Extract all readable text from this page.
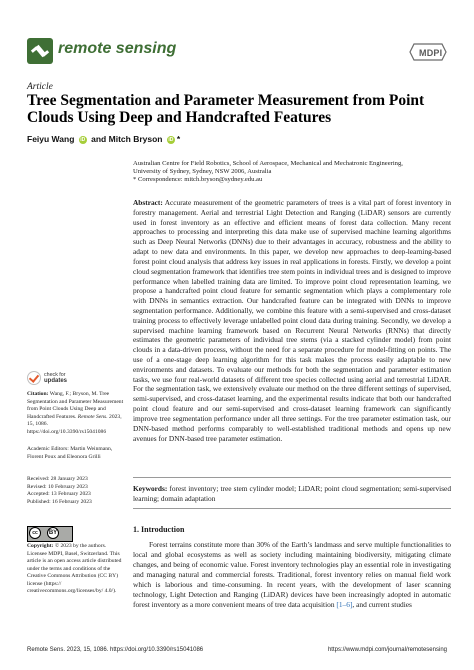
remote sensing	MDPI
Article
Tree Segmentation and Parameter Measurement from Point Clouds Using Deep and Handcrafted Features
Feiyu Wang iD and Mitch Bryson iD *
Australian Centre for Field Robotics, School of Aerospace, Mechanical and Mechatronic Engineering,
University of Sydney, Sydney, NSW 2006, Australia
* Correspondence: mitch.bryson@sydney.edu.au
Abstract: Accurate measurement of the geometric parameters of trees is a vital part of forest inventory in forestry management. Aerial and terrestrial Light Detection and Ranging (LiDAR) sensors are currently used in forest inventory as an effective and efficient means of forest data collection. Many recent approaches to processing and interpreting this data make use of supervised machine learning algorithms such as Deep Neural Networks (DNNs) due to their advantages in accuracy, robustness and the ability to adapt to new data and environments. In this paper, we develop new approaches to deep-learning-based forest point cloud analysis that address key issues in real applications in forests. Firstly, we develop a point cloud segmentation framework that identifies tree stem points in individual trees and is designed to improve performance when labelled training data are limited. To improve point cloud representation learning, we propose a handcrafted point cloud feature for semantic segmentation which plays a complementary role with DNNs in semantics extraction. Our handcrafted feature can be integrated with DNNs to improve segmentation performance. Additionally, we combine this feature with a semi-supervised and cross-dataset training process to effectively leverage unlabelled point cloud data during training. Secondly, we develop a supervised machine learning framework based on Recurrent Neural Networks (RNNs) that directly estimates the geometric parameters of individual tree stems (via a stacked cylinder model) from point clouds in a data-driven process, without the need for a separate procedure for model-fitting on points. The use of a one-stage deep learning algorithm for this task makes the process easily adaptable to new environments and datasets. To evaluate our methods for both the segmentation and parameter estimation tasks, we use four real-world datasets of different tree species collected using aerial and terrestrial LiDAR. For the segmentation task, we extensively evaluate our method on the three different settings of supervised, semi-supervised, and cross-dataset learning, and the experimental results indicate that both our handcrafted point cloud feature and our semi-supervised and cross-dataset learning framework can significantly improve tree segmentation performance under all three settings. For the tree parameter estimation task, our DNN-based method performs comparably to well-established traditional methods and opens up new avenues for DNN-based tree parameter estimation.
Keywords: forest inventory; tree stem cylinder model; LiDAR; point cloud segmentation; semi-supervised learning; domain adaptation
check for
updates
Citation: Wang, F.; Bryson, M. Tree Segmentation and Parameter Measurement from Point Clouds Using Deep and Handcrafted Features. Remote Sens. 2023, 15, 1086. https://doi.org/10.3390/rs15041086
Academic Editors: Martin Weinmann, Florent Poux and Eleonora Grilli
Received: 28 January 2023
Revised: 10 February 2023
Accepted: 13 February 2023
Published: 16 February 2023
cc	BY
Copyright: © 2023 by the authors. Licensee MDPI, Basel, Switzerland. This article is an open access article distributed under the terms and conditions of the Creative Commons Attribution (CC BY) license (https:// creativecommons.org/licenses/by/ 4.0/).
1. Introduction
Forest terrains constitute more than 30% of the Earth’s landmass and serve multiple functionalities to local and global ecosystems as well as society including maintaining biodiversity, mitigating climate changes, and being of economic value. Forest inventory technologies play an essential role in investigating and managing natural and commercial forests. Traditional, forest inventory relies on manual field work which is laborious and time-consuming. In recent years, with the development of laser scanning technology, Light Detection and Ranging (LiDAR) devices have been increasingly adopted in automatic forest inventory as a more convenient means of tree data acquisition [1–6], and current studies
Remote Sens. 2023, 15, 1086. https://doi.org/10.3390/rs15041086	https://www.mdpi.com/journal/remotesensing
